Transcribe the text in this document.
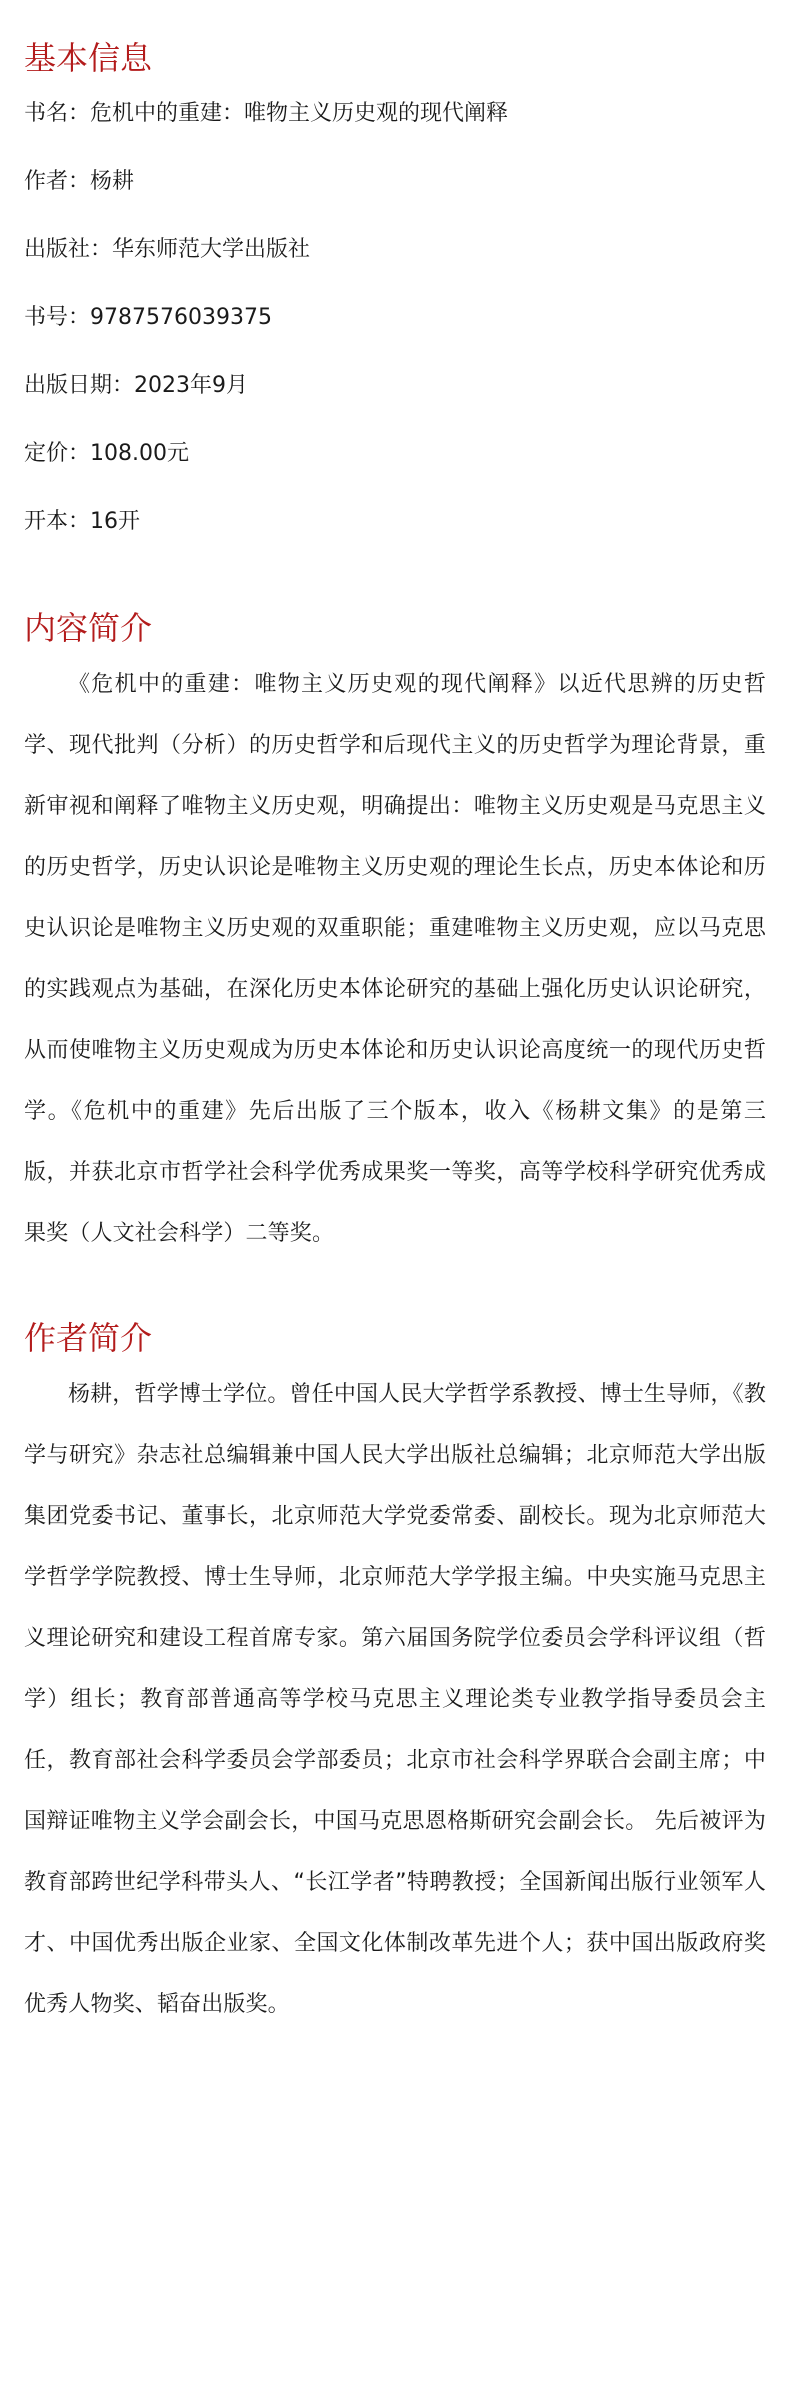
基本信息
书名 ： 危机中的重建：唯物主义历史观的现代阐释
作者 ： 杨耕
出版社 ： 华东师范大学出版社
书号 ： 9787576039375
出版日期 ： 2023年9月
定价 ： 108.00元
开本 ： 16开
内容简介

《危机中的重建：唯物主义历史观的现代阐释》以近代思辨的历史哲学、现代批判（分析）的历史哲学和后现代主义的历史哲学为理论背景，重新审视和阐释了唯物主义历史观，明确提出：唯物主义历史观是马克思主义的历史哲学，历史认识论是唯物主义历史观的理论生长点，历史本体论和历史认识论是唯物主义历史观的双重职能；重建唯物主义历史观，应以马克思的实践观点为基础，在深化历史本体论研究的基础上强化历史认识论研究，从而使唯物主义历史观成为历史本体论和历史认识论高度统一的现代历史哲学。《危机中的重建》先后出版了三个版本，收入《杨耕文集》的是第三版，并获北京市哲学社会科学优秀成果奖一等奖，高等学校科学研究优秀成果奖（人文社会科学）二等奖。

作者简介

杨耕，哲学博士学位。曾任中国人民大学哲学系教授、博士生导师，《教学与研究》杂志社总编辑兼中国人民大学出版社总编辑；北京师范大学出版集团党委书记、董事长，北京师范大学党委常委、副校长。现为北京师范大学哲学学院教授、博士生导师，北京师范大学学报主编。中央实施马克思主义理论研究和建设工程首席专家。第六届国务院学位委员会学科评议组（哲学）组长；教育部普通高等学校马克思主义理论类专业教学指导委员会主任，教育部社会科学委员会学部委员；北京市社会科学界联合会副主席；中国辩证唯物主义学会副会长，中国马克思恩格斯研究会副会长。 先后被评为教育部跨世纪学科带头人、“长江学者”特聘教授；全国新闻出版行业领军人才、中国优秀出版企业家、全国文化体制改革先进个人；获中国出版政府奖优秀人物奖、韬奋出版奖。
